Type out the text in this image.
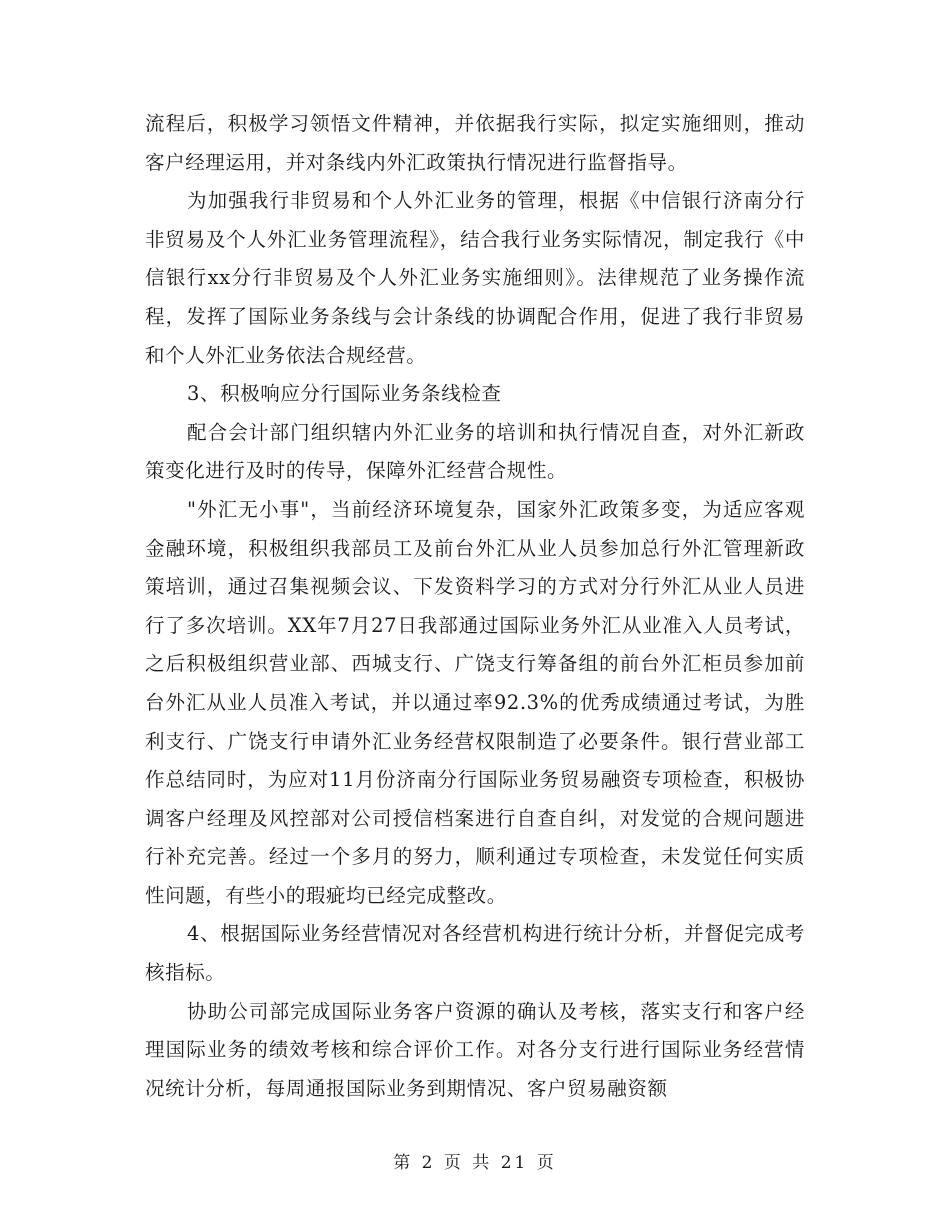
流程后，积极学习领悟文件精神，并依据我行实际，拟定实施细则，推动客户经理运用，并对条线内外汇政策执行情况进行监督指导。

为加强我行非贸易和个人外汇业务的管理，根据《中信银行济南分行非贸易及个人外汇业务管理流程》，结合我行业务实际情况，制定我行《中信银行xx分行非贸易及个人外汇业务实施细则》。法律规范了业务操作流程，发挥了国际业务条线与会计条线的协调配合作用，促进了我行非贸易和个人外汇业务依法合规经营。

3、积极响应分行国际业务条线检查

配合会计部门组织辖内外汇业务的培训和执行情况自查，对外汇新政策变化进行及时的传导，保障外汇经营合规性。

"外汇无小事"，当前经济环境复杂，国家外汇政策多变，为适应客观金融环境，积极组织我部员工及前台外汇从业人员参加总行外汇管理新政策培训，通过召集视频会议、下发资料学习的方式对分行外汇从业人员进行了多次培训。XX年7月27日我部通过国际业务外汇从业准入人员考试，之后积极组织营业部、西城支行、广饶支行筹备组的前台外汇柜员参加前台外汇从业人员准入考试，并以通过率92.3%的优秀成绩通过考试，为胜利支行、广饶支行申请外汇业务经营权限制造了必要条件。银行营业部工作总结同时，为应对11月份济南分行国际业务贸易融资专项检查，积极协调客户经理及风控部对公司授信档案进行自查自纠，对发觉的合规问题进行补充完善。经过一个多月的努力，顺利通过专项检查，未发觉任何实质性问题，有些小的瑕疵均已经完成整改。

4、根据国际业务经营情况对各经营机构进行统计分析，并督促完成考核指标。

协助公司部完成国际业务客户资源的确认及考核，落实支行和客户经理国际业务的绩效考核和综合评价工作。对各分支行进行国际业务经营情况统计分析，每周通报国际业务到期情况、客户贸易融资额

第 2 页 共 21 页
